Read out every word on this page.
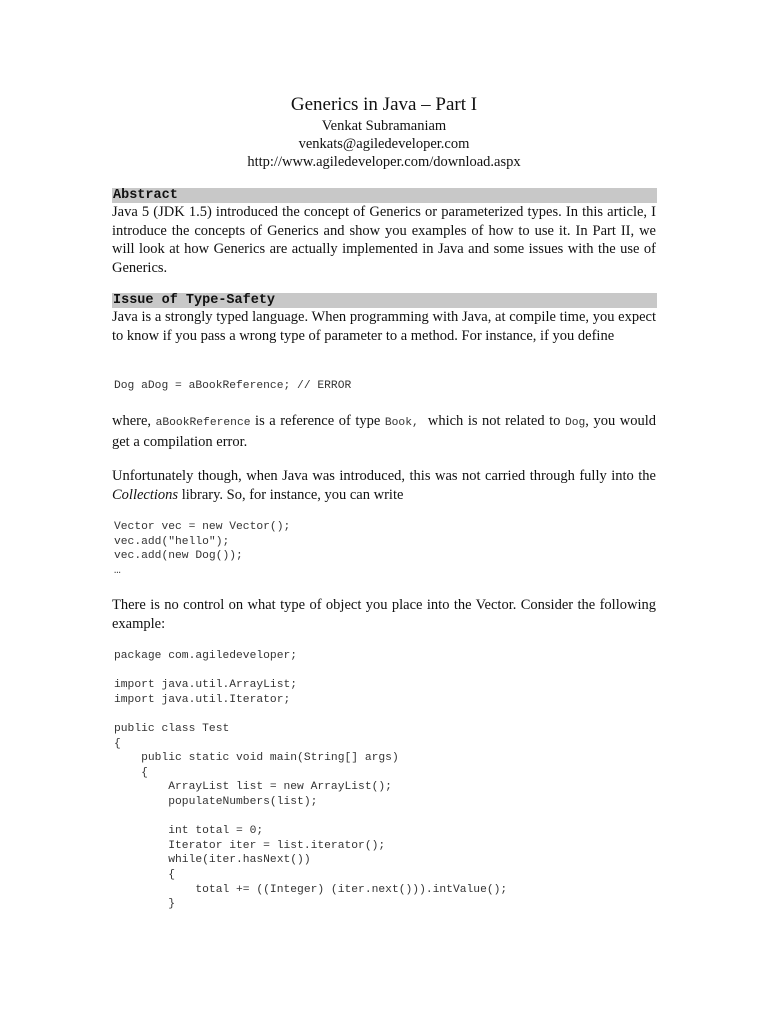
Generics in Java – Part I
Venkat Subramaniam
venkats@agiledeveloper.com
http://www.agiledeveloper.com/download.aspx
Abstract

Java 5 (JDK 1.5) introduced the concept of Generics or parameterized types. In this article, I introduce the concepts of Generics and show you examples of how to use it. In Part II, we will look at how Generics are actually implemented in Java and some issues with the use of Generics.

Issue of Type-Safety

Java is a strongly typed language. When programming with Java, at compile time, you expect to know if you pass a wrong type of parameter to a method. For instance, if you define

Dog aDog = aBookReference; // ERROR

where, aBookReference is a reference of type Book,  which is not related to Dog, you would get a compilation error.

Unfortunately though, when Java was introduced, this was not carried through fully into the Collections library. So, for instance, you can write

Vector vec = new Vector();
vec.add("hello");
vec.add(new Dog());
…

There is no control on what type of object you place into the Vector. Consider the following example:

package com.agiledeveloper;
import java.util.ArrayList;
import java.util.Iterator;
public class Test
{
public static void main(String[] args)
{
ArrayList list = new ArrayList();
populateNumbers(list);
int total = 0;
Iterator iter = list.iterator();
while(iter.hasNext())
{
total += ((Integer) (iter.next())).intValue();
}
